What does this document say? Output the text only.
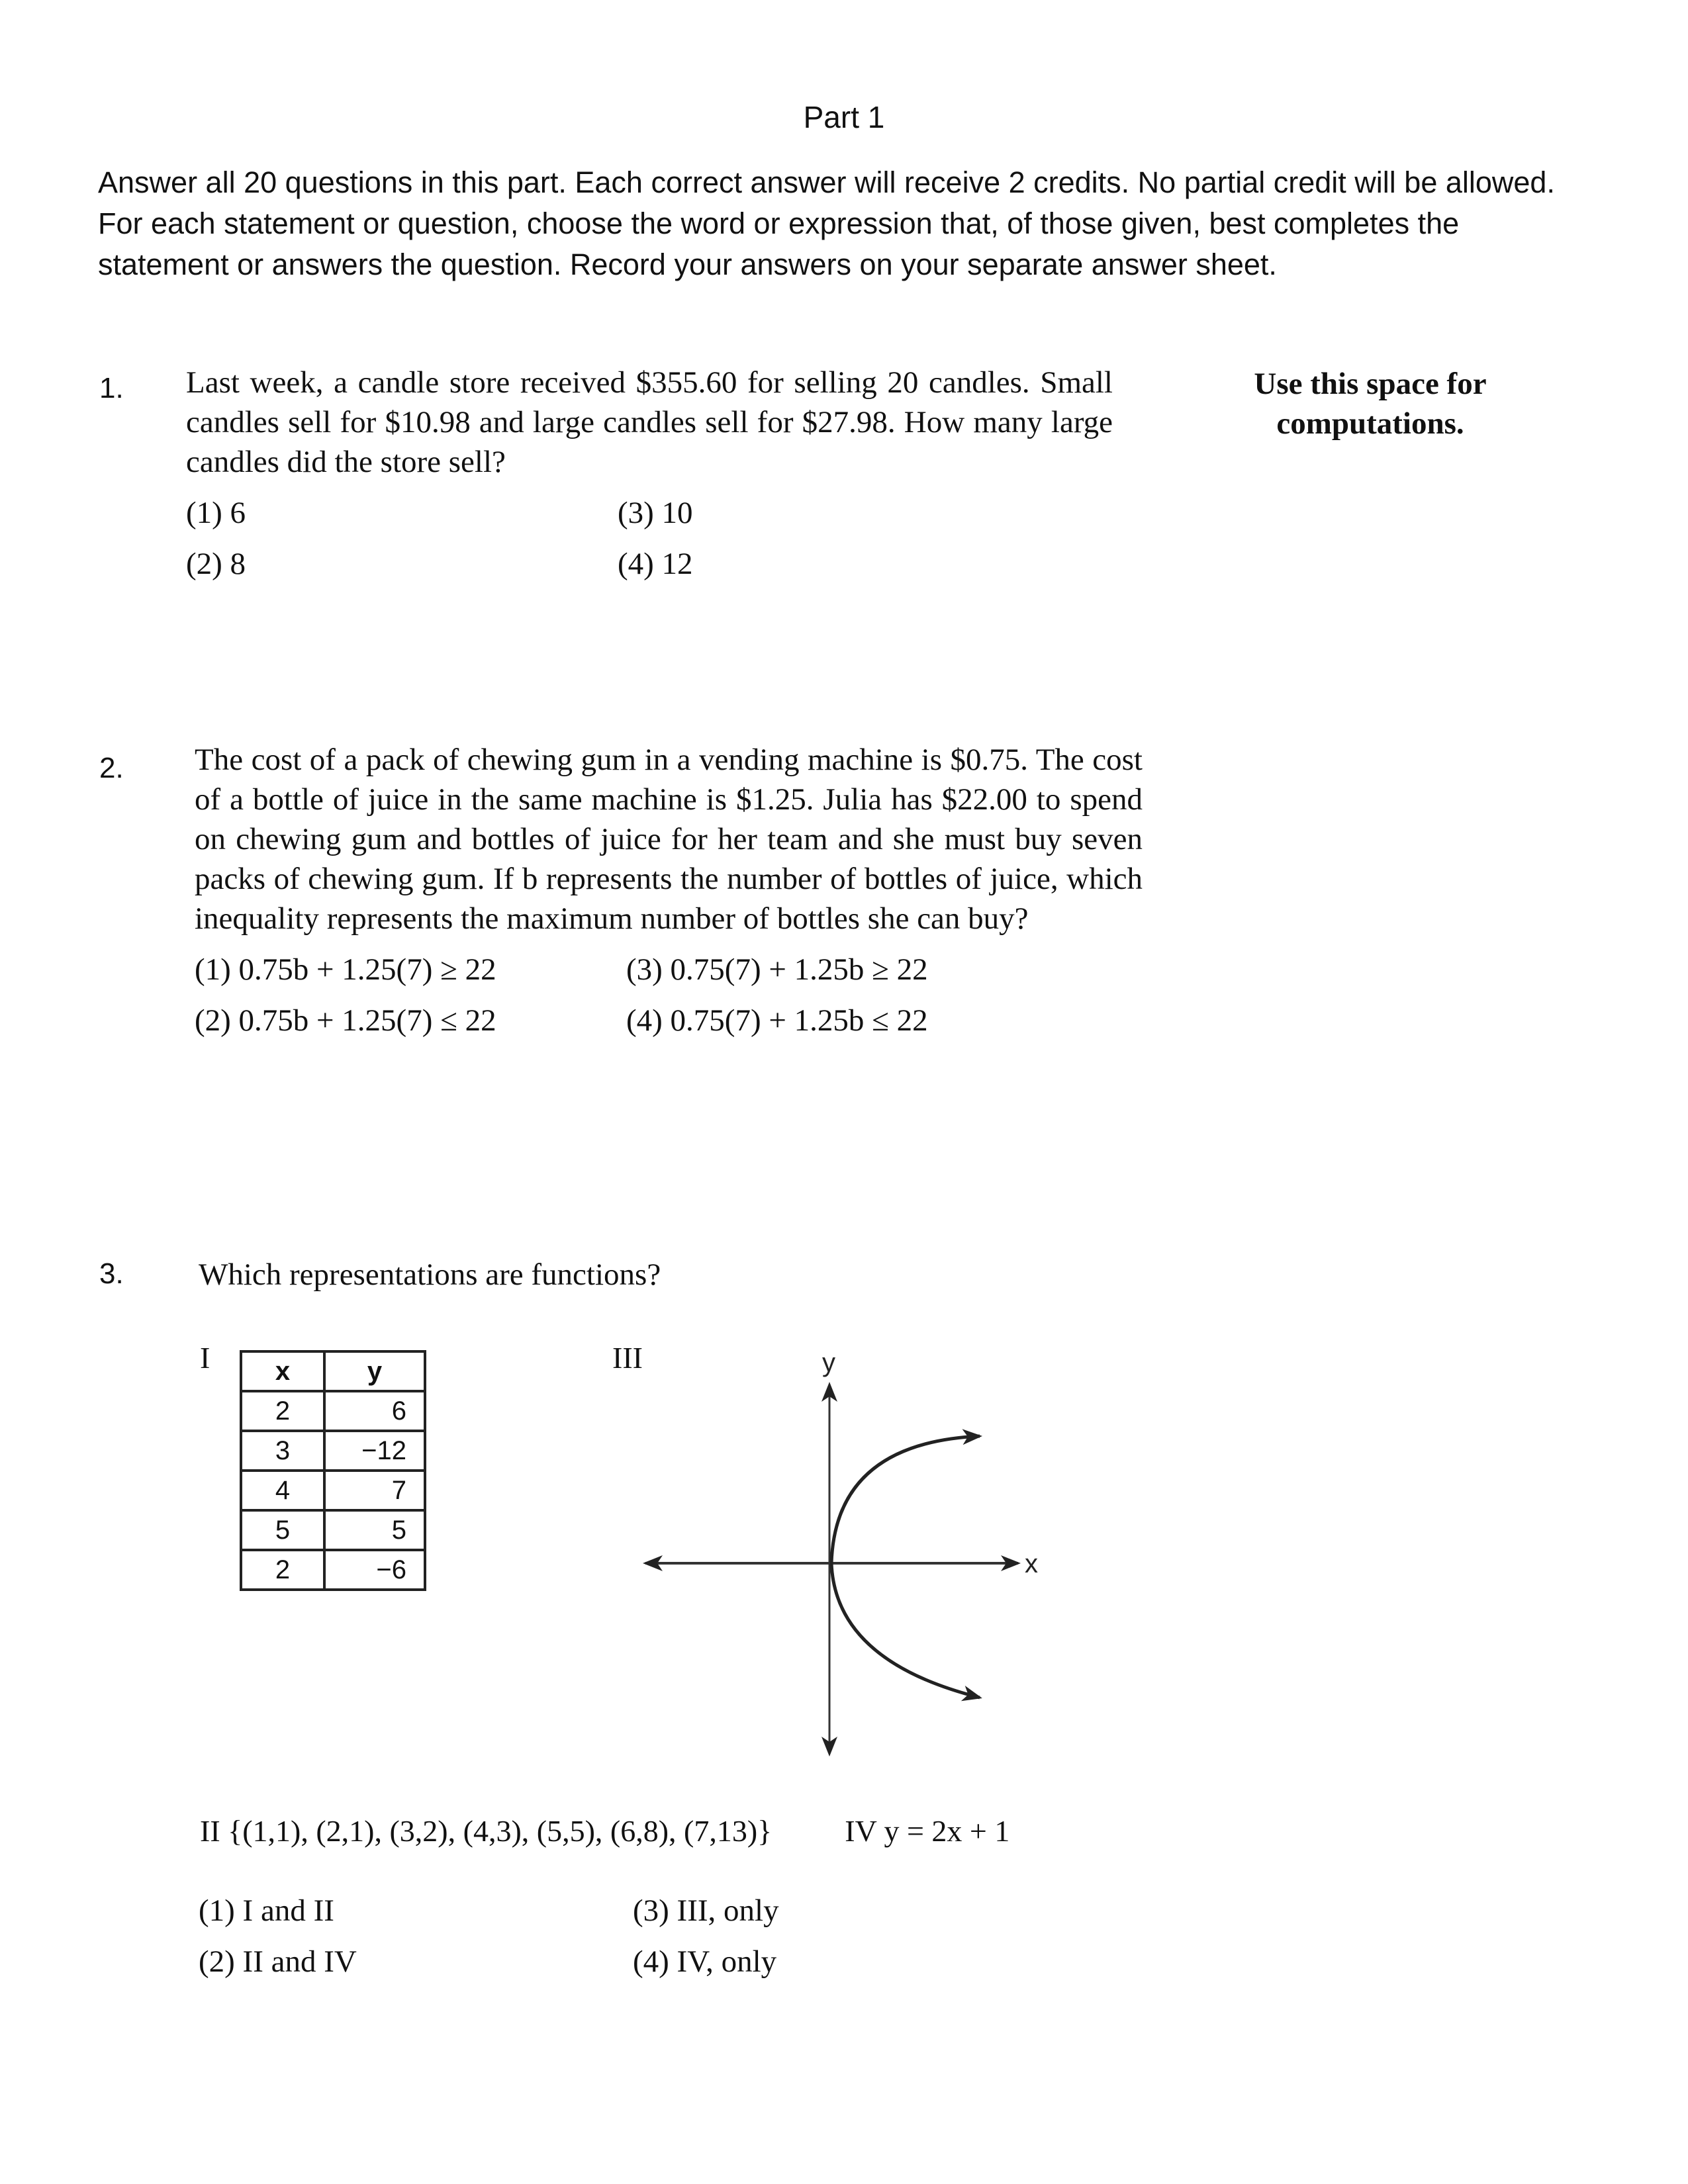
Part 1
Answer all 20 questions in this part. Each correct answer will receive 2 credits. No partial credit will be allowed. For each statement or question, choose the word or expression that, of those given, best completes the statement or answers the question. Record your answers on your separate answer sheet.
Use this space for computations.
1. Last week, a candle store received $355.60 for selling 20 candles. Small candles sell for $10.98 and large candles sell for $27.98. How many large candles did the store sell?
(1) 6	(3) 10
(2) 8	(4) 12
2. The cost of a pack of chewing gum in a vending machine is $0.75. The cost of a bottle of juice in the same machine is $1.25. Julia has $22.00 to spend on chewing gum and bottles of juice for her team and she must buy seven packs of chewing gum. If b represents the number of bottles of juice, which inequality represents the maximum number of bottles she can buy?
(1) 0.75b + 1.25(7) ≥ 22	(3) 0.75(7) + 1.25b ≥ 22
(2) 0.75b + 1.25(7) ≤ 22	(4) 0.75(7) + 1.25b ≤ 22
3. Which representations are functions?
I x	y
2	6
3	−12
4	7
5	5
2	−6
III
x
y
II {(1,1), (2,1), (3,2), (4,3), (5,5), (6,8), (7,13)} IV y = 2x + 1
(1) I and II	(3) III, only
(2) II and IV	(4) IV, only
